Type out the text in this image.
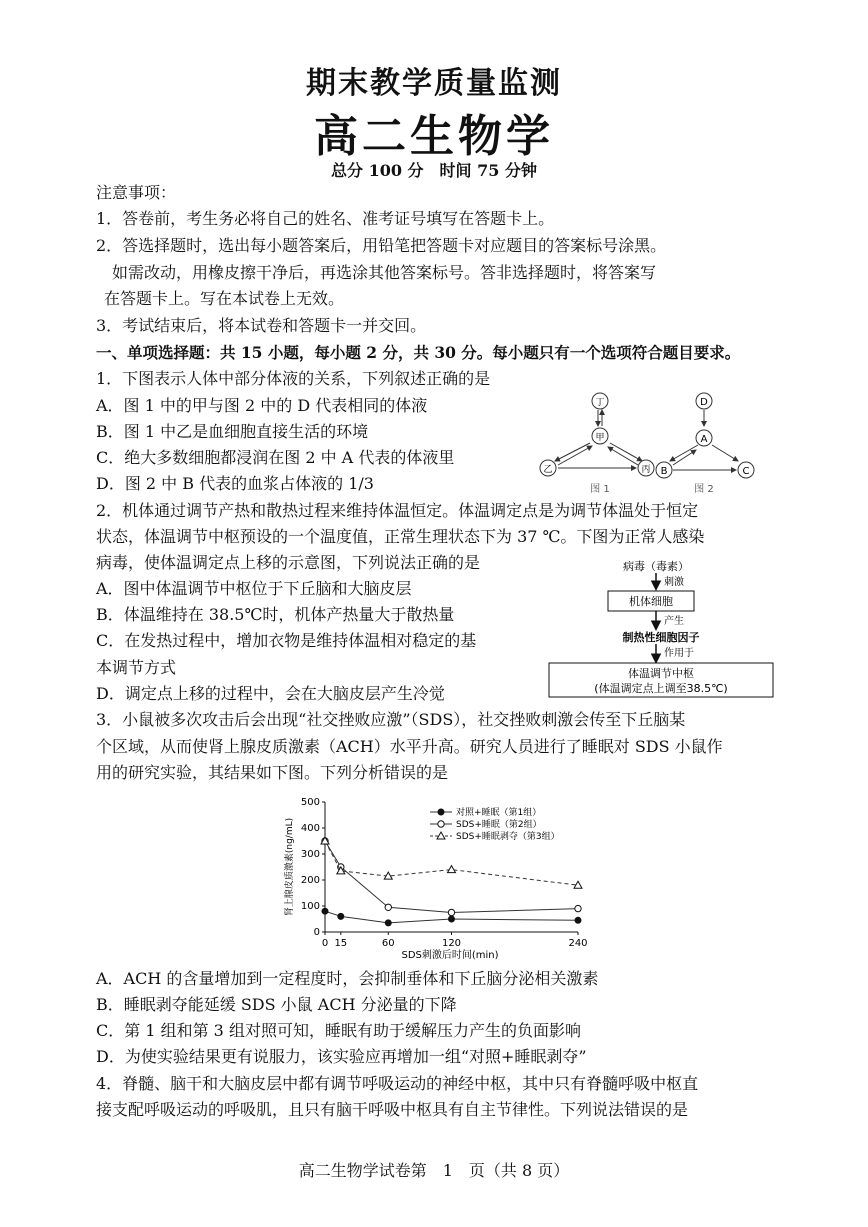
期末教学质量监测
高二生物学
总分 100 分　时间 75 分钟
注意事项：
1．答卷前，考生务必将自己的姓名、准考证号填写在答题卡上。
2．答选择题时，选出每小题答案后，用铅笔把答题卡对应题目的答案标号涂黑。
如需改动，用橡皮擦干净后，再选涂其他答案标号。答非选择题时，将答案写
在答题卡上。写在本试卷上无效。
3．考试结束后，将本试卷和答题卡一并交回。
一、单项选择题：共 15 小题，每小题 2 分，共 30 分。每小题只有一个选项符合题目要求。
1．下图表示人体中部分体液的关系，下列叙述正确的是
A．图 1 中的甲与图 2 中的 D 代表相同的体液
B．图 1 中乙是血细胞直接生活的环境
C．绝大多数细胞都浸润在图 2 中 A 代表的体液里
D．图 2 中 B 代表的血浆占体液的 1/3
丁
甲
乙	丙
图 1
D
A
B	C
图 2
2．机体通过调节产热和散热过程来维持体温恒定。体温调定点是为调节体温处于恒定
状态，体温调节中枢预设的一个温度值，正常生理状态下为 37 ℃。下图为正常人感染
病毒，使体温调定点上移的示意图，下列说法正确的是
A．图中体温调节中枢位于下丘脑和大脑皮层
B．体温维持在 38.5℃时，机体产热量大于散热量
C．在发热过程中，增加衣物是维持体温相对稳定的基
本调节方式
D．调定点上移的过程中，会在大脑皮层产生冷觉
病毒（毒素）
刺激
机体细胞
产生
制热性细胞因子
作用于
体温调节中枢
(体温调定点上调至38.5℃)
3．小鼠被多次攻击后会出现“社交挫败应激”（SDS），社交挫败刺激会传至下丘脑某
个区域，从而使肾上腺皮质激素（ACH）水平升高。研究人员进行了睡眠对 SDS 小鼠作
用的研究实验，其结果如下图。下列分析错误的是
0
100
200
300
400
500
0 15	60	120	240
SDS刺激后时间(min)
肾上腺皮质激素(ng/mL)
对照+睡眠（第1组）
SDS+睡眠（第2组）
SDS+睡眠剥夺（第3组）
A．ACH 的含量增加到一定程度时，会抑制垂体和下丘脑分泌相关激素
B．睡眠剥夺能延缓 SDS 小鼠 ACH 分泌量的下降
C．第 1 组和第 3 组对照可知，睡眠有助于缓解压力产生的负面影响
D．为使实验结果更有说服力，该实验应再增加一组“对照+睡眠剥夺”
4．脊髓、脑干和大脑皮层中都有调节呼吸运动的神经中枢，其中只有脊髓呼吸中枢直
接支配呼吸运动的呼吸肌，且只有脑干呼吸中枢具有自主节律性。下列说法错误的是
高二生物学试卷第　1　页（共 8 页）
